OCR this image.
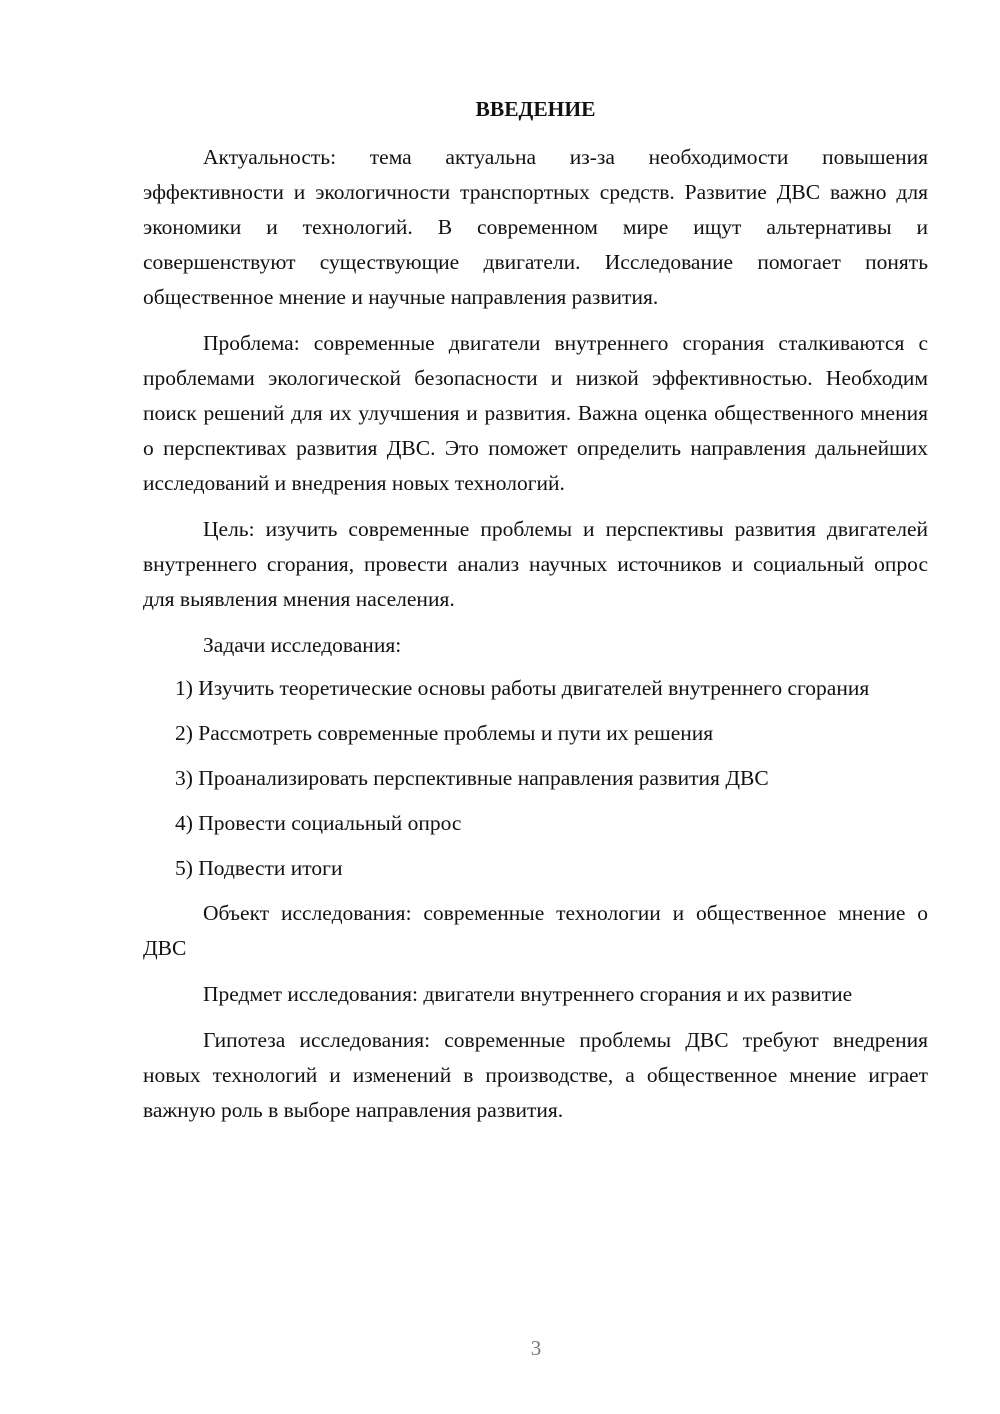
ВВЕДЕНИЕ

Актуальность: тема актуальна из-за необходимости повышения эффективности и экологичности транспортных средств. Развитие ДВС важно для экономики и технологий. В современном мире ищут альтернативы и совершенствуют существующие двигатели. Исследование помогает понять общественное мнение и научные направления развития.

Проблема: современные двигатели внутреннего сгорания сталкиваются с проблемами экологической безопасности и низкой эффективностью. Необходим поиск решений для их улучшения и развития. Важна оценка общественного мнения о перспективах развития ДВС. Это поможет определить направления дальнейших исследований и внедрения новых технологий.

Цель: изучить современные проблемы и перспективы развития двигателей внутреннего сгорания, провести анализ научных источников и социальный опрос для выявления мнения населения.

Задачи исследования:

1) Изучить теоретические основы работы двигателей внутреннего сгорания

2) Рассмотреть современные проблемы и пути их решения

3) Проанализировать перспективные направления развития ДВС

4) Провести социальный опрос

5) Подвести итоги

Объект исследования: современные технологии и общественное мнение о ДВС

Предмет исследования: двигатели внутреннего сгорания и их развитие

Гипотеза исследования: современные проблемы ДВС требуют внедрения новых технологий и изменений в производстве, а общественное мнение играет важную роль в выборе направления развития.

3
